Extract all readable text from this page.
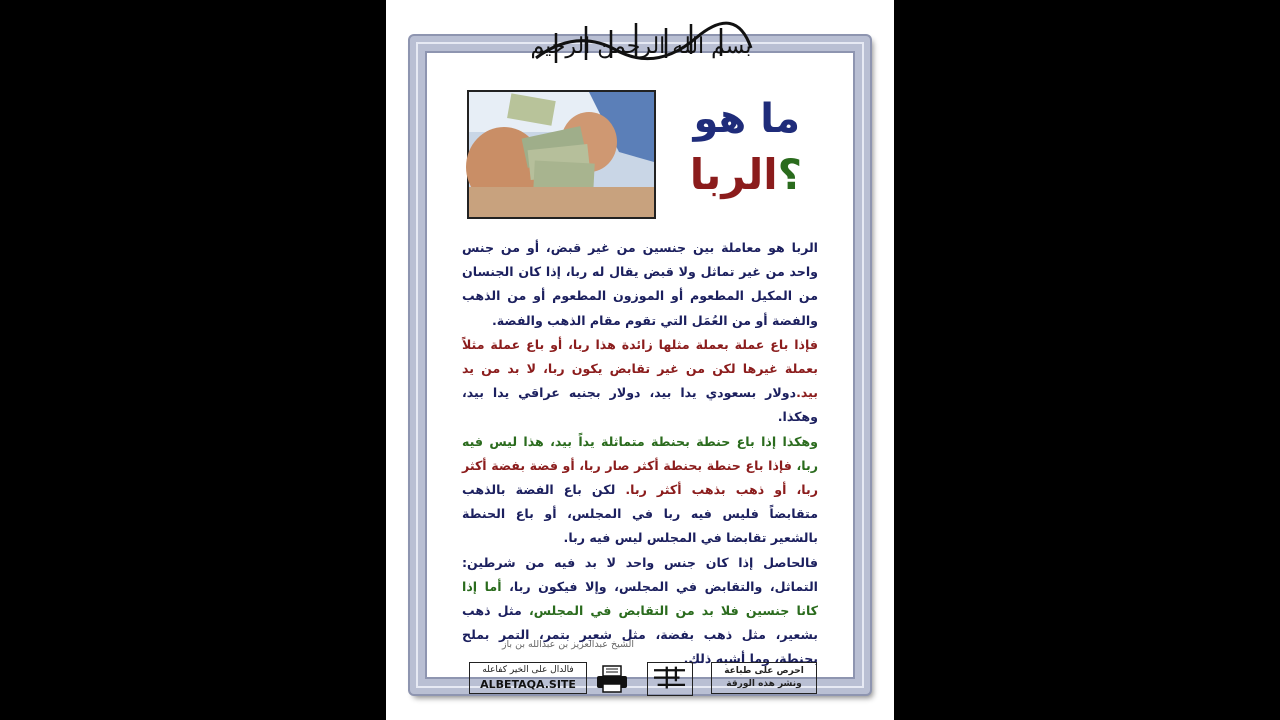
بسم الله الرحمن الرحيم
ما هو
؟الربا

الربا هو معاملة بين جنسين من غير قبض، أو من جنس واحد من غير تماثل ولا قبض يقال له ربا، إذا كان الجنسان من المكيل المطعوم أو الموزون المطعوم أو من الذهب والفضة أو من العُمَل التي تقوم مقام الذهب والفضة.

فإذا باع عملة بعملة مثلها زائدة هذا ربا، أو باع عملة مثلاً بعملة غيرها لكن من غير تقابض يكون ربا، لا بد من يد بيد.دولار بسعودي يدا بيد، دولار بجنيه عراقي يدا بيد، وهكذا.

وهكذا إذا باع حنطة بحنطة متماثلة يداً بيد، هذا ليس فيه ربا، فإذا باع حنطة بحنطة أكثر صار ربا، أو فضة بفضة أكثر ربا، أو ذهب بذهب أكثر ربا. لكن باع الفضة بالذهب متقابضاً فليس فيه ربا في المجلس، أو باع الحنطة بالشعير تقابضا في المجلس ليس فيه ربا.

فالحاصل إذا كان جنس واحد لا بد فيه من شرطين: التماثل، والتقابض في المجلس، وإلا فيكون ربا، أما إذا كانا جنسين فلا بد من التقابض في المجلس، مثل ذهب بشعير، مثل ذهب بفضة، مثل شعير بتمر، التمر بملح بحنطة، وما أشبه ذلك.

الشيخ عبدالعزيز بن عبدالله بن باز
فالدال على الخير كفاعله
ALBETAQA.SITE
احرص على طباعة
ونشر هذه الورقة
